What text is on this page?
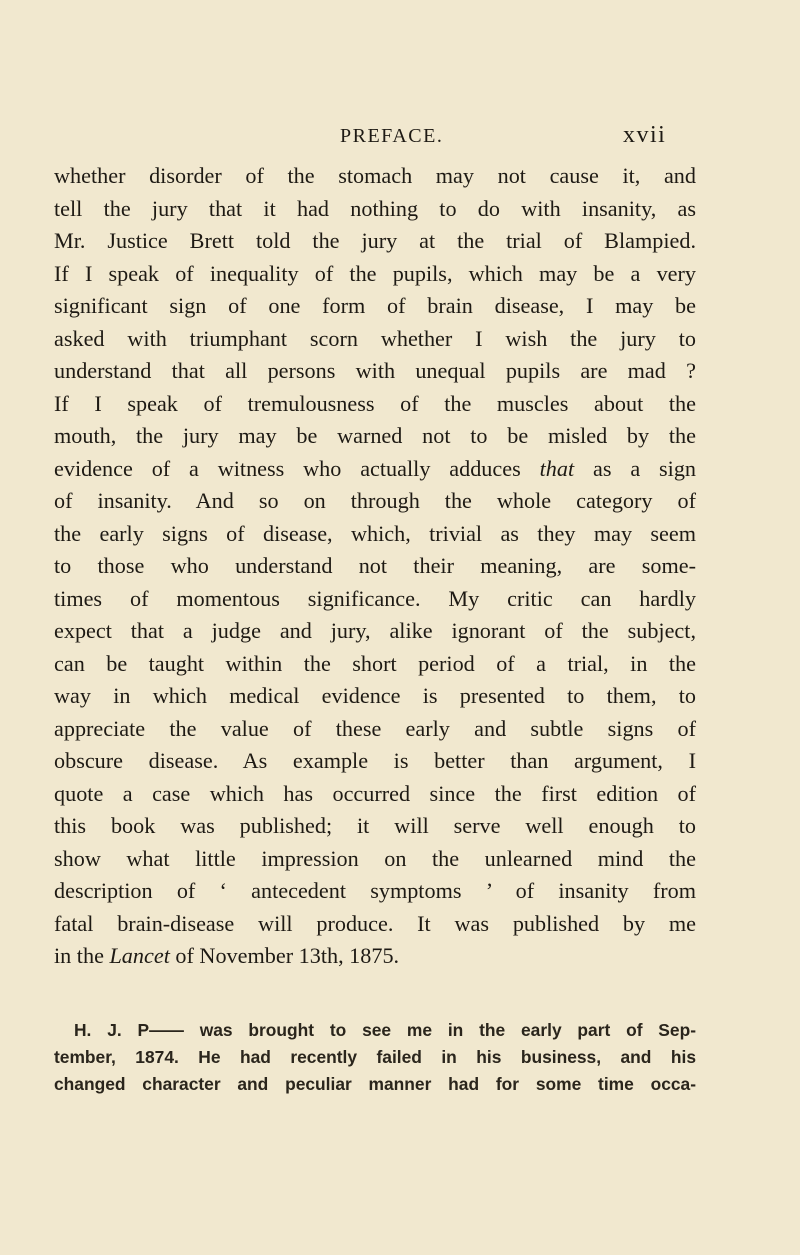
PREFACE.	xvii
whether disorder of the stomach may not cause it, and
tell the jury that it had nothing to do with insanity, as
Mr. Justice Brett told the jury at the trial of Blampied.
If I speak of inequality of the pupils, which may be a very
significant sign of one form of brain disease, I may be
asked with triumphant scorn whether I wish the jury to
understand that all persons with unequal pupils are mad ?
If I speak of tremulousness of the muscles about the
mouth, the jury may be warned not to be misled by the
evidence of a witness who actually adduces that as a sign
of insanity. And so on through the whole category of
the early signs of disease, which, trivial as they may seem
to those who understand not their meaning, are some-
times of momentous significance. My critic can hardly
expect that a judge and jury, alike ignorant of the subject,
can be taught within the short period of a trial, in the
way in which medical evidence is presented to them, to
appreciate the value of these early and subtle signs of
obscure disease. As example is better than argument, I
quote a case which has occurred since the first edition of
this book was published; it will serve well enough to
show what little impression on the unlearned mind the
description of ‘ antecedent symptoms ’ of insanity from
fatal brain-disease will produce. It was published by me
in the Lancet of November 13th, 1875.
H. J. P—— was brought to see me in the early part of Sep-
tember, 1874. He had recently failed in his business, and his
changed character and peculiar manner had for some time occa-
